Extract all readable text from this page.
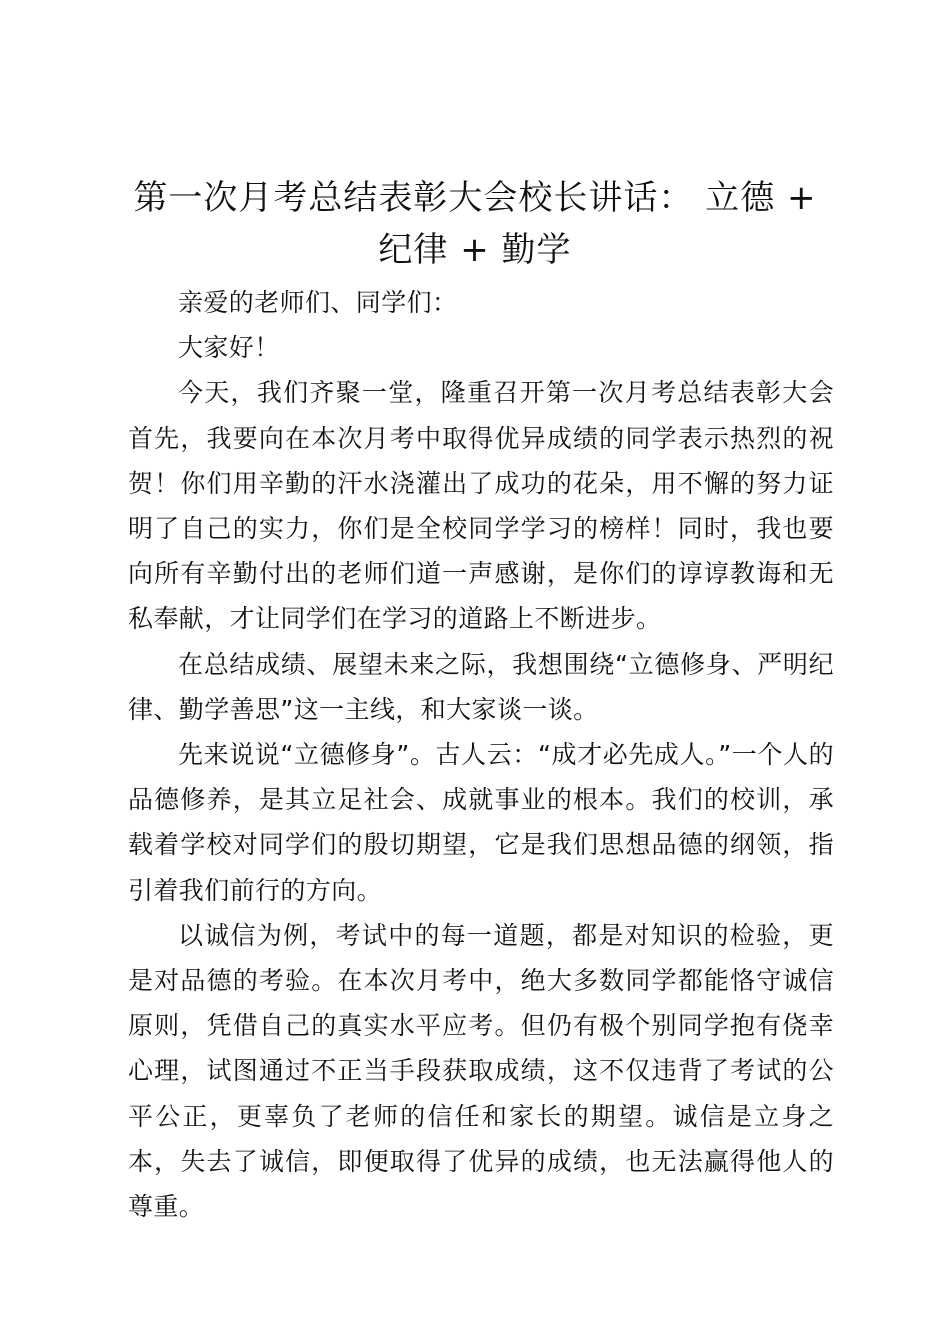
第一次月考总结表彰大会校长讲话： 立德 + 纪律 + 勤学

亲爱的老师们、同学们：

大家好！

今天，我们齐聚一堂，隆重召开第一次月考总结表彰大会首先，我要向在本次月考中取得优异成绩的同学表示热烈的祝贺！你们用辛勤的汗水浇灌出了成功的花朵，用不懈的努力证明了自己的实力，你们是全校同学学习的榜样！同时，我也要向所有辛勤付出的老师们道一声感谢，是你们的谆谆教诲和无私奉献，才让同学们在学习的道路上不断进步。

在总结成绩、展望未来之际，我想围绕“立德修身、严明纪律、勤学善思”这一主线，和大家谈一谈。

先来说说“立德修身”。古人云：“成才必先成人。”一个人的品德修养，是其立足社会、成就事业的根本。我们的校训，承载着学校对同学们的殷切期望，它是我们思想品德的纲领，指引着我们前行的方向。

以诚信为例，考试中的每一道题，都是对知识的检验，更是对品德的考验。在本次月考中，绝大多数同学都能恪守诚信原则，凭借自己的真实水平应考。但仍有极个别同学抱有侥幸心理，试图通过不正当手段获取成绩，这不仅违背了考试的公平公正，更辜负了老师的信任和家长的期望。诚信是立身之本，失去了诚信，即便取得了优异的成绩，也无法赢得他人的尊重。
